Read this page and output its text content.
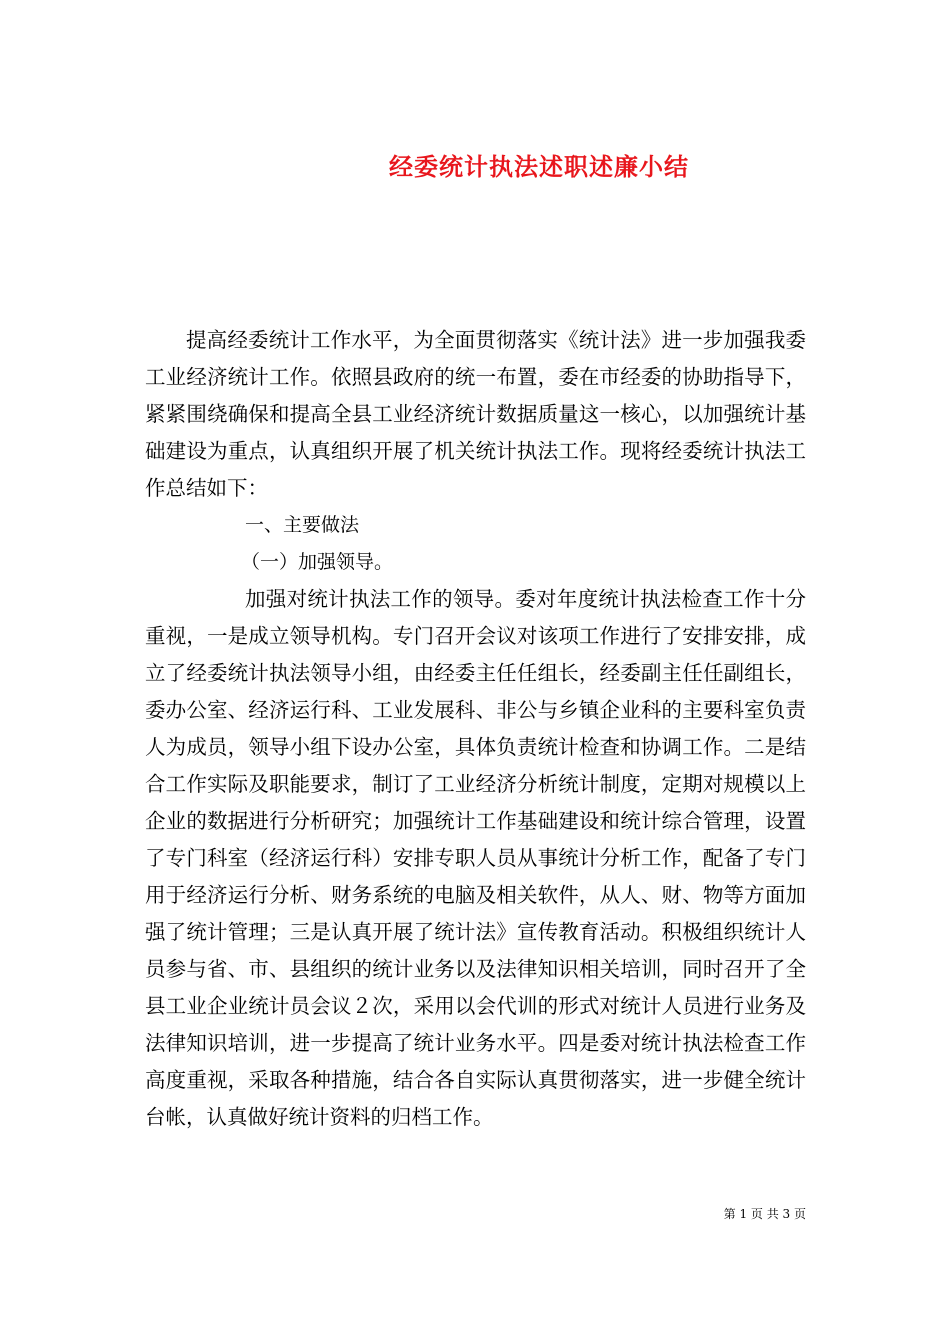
经委统计执法述职述廉小结

提高经委统计工作水平，为全面贯彻落实《统计法》进一步加强我委工业经济统计工作。依照县政府的统一布置，委在市经委的协助指导下，紧紧围绕确保和提高全县工业经济统计数据质量这一核心，以加强统计基础建设为重点，认真组织开展了机关统计执法工作。现将经委统计执法工作总结如下：

一、主要做法

（一）加强领导。

加强对统计执法工作的领导。委对年度统计执法检查工作十分重视，一是成立领导机构。专门召开会议对该项工作进行了安排安排，成立了经委统计执法领导小组，由经委主任任组长，经委副主任任副组长，委办公室、经济运行科、工业发展科、非公与乡镇企业科的主要科室负责人为成员，领导小组下设办公室，具体负责统计检查和协调工作。二是结合工作实际及职能要求，制订了工业经济分析统计制度，定期对规模以上企业的数据进行分析研究；加强统计工作基础建设和统计综合管理，设置了专门科室（经济运行科）安排专职人员从事统计分析工作，配备了专门用于经济运行分析、财务系统的电脑及相关软件，从人、财、物等方面加强了统计管理；三是认真开展了统计法》宣传教育活动。积极组织统计人员参与省、市、县组织的统计业务以及法律知识相关培训，同时召开了全县工业企业统计员会议２次，采用以会代训的形式对统计人员进行业务及法律知识培训，进一步提高了统计业务水平。四是委对统计执法检查工作高度重视，采取各种措施，结合各自实际认真贯彻落实，进一步健全统计台帐，认真做好统计资料的归档工作。

第 1 页 共 3 页
